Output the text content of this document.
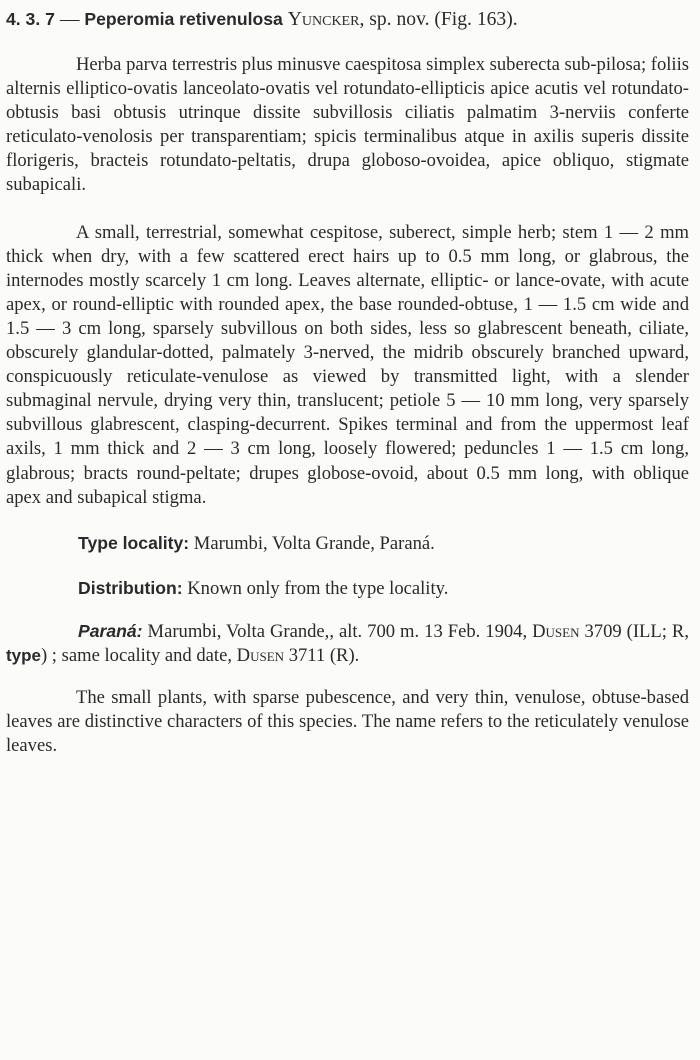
4. 3. 7 — Peperomia retivenulosa Yuncker, sp. nov. (Fig. 163).

Herba parva terrestris plus minusve caespitosa simplex suberecta sub-pilosa; foliis alternis elliptico-ovatis lanceolato-ovatis vel rotundato-ellipticis apice acutis vel rotundato-obtusis basi obtusis utrinque dissite subvillosis ciliatis palmatim 3-nerviis conferte reticulato-venolosis per transparentiam; spicis terminalibus atque in axilis superis dissite florigeris, bracteis rotundato-peltatis, drupa globoso-ovoidea, apice obliquo, stigmate subapicali.

A small, terrestrial, somewhat cespitose, suberect, simple herb; stem 1 — 2 mm thick when dry, with a few scattered erect hairs up to 0.5 mm long, or glabrous, the internodes mostly scarcely 1 cm long. Leaves alternate, elliptic- or lance-ovate, with acute apex, or round-elliptic with rounded apex, the base rounded-obtuse, 1 — 1.5 cm wide and 1.5 — 3 cm long, sparsely subvillous on both sides, less so glabrescent beneath, ciliate, obscurely glandular-dotted, palmately 3-nerved, the midrib obscurely branched upward, conspicuously reticulate-venulose as viewed by transmitted light, with a slender submaginal nervule, drying very thin, translucent; petiole 5 — 10 mm long, very sparsely subvillous glabrescent, clasping-decurrent. Spikes terminal and from the uppermost leaf axils, 1 mm thick and 2 — 3 cm long, loosely flowered; peduncles 1 — 1.5 cm long, glabrous; bracts round-peltate; drupes globose-ovoid, about 0.5 mm long, with oblique apex and subapical stigma.

Type locality: Marumbi, Volta Grande, Paraná.

Distribution: Known only from the type locality.

Paraná: Marumbi, Volta Grande,, alt. 700 m. 13 Feb. 1904, Dusen 3709 (ILL; R, type) ; same locality and date, Dusen 3711 (R).

The small plants, with sparse pubescence, and very thin, venulose, obtuse-based leaves are distinctive characters of this species. The name refers to the reticulately venulose leaves.
